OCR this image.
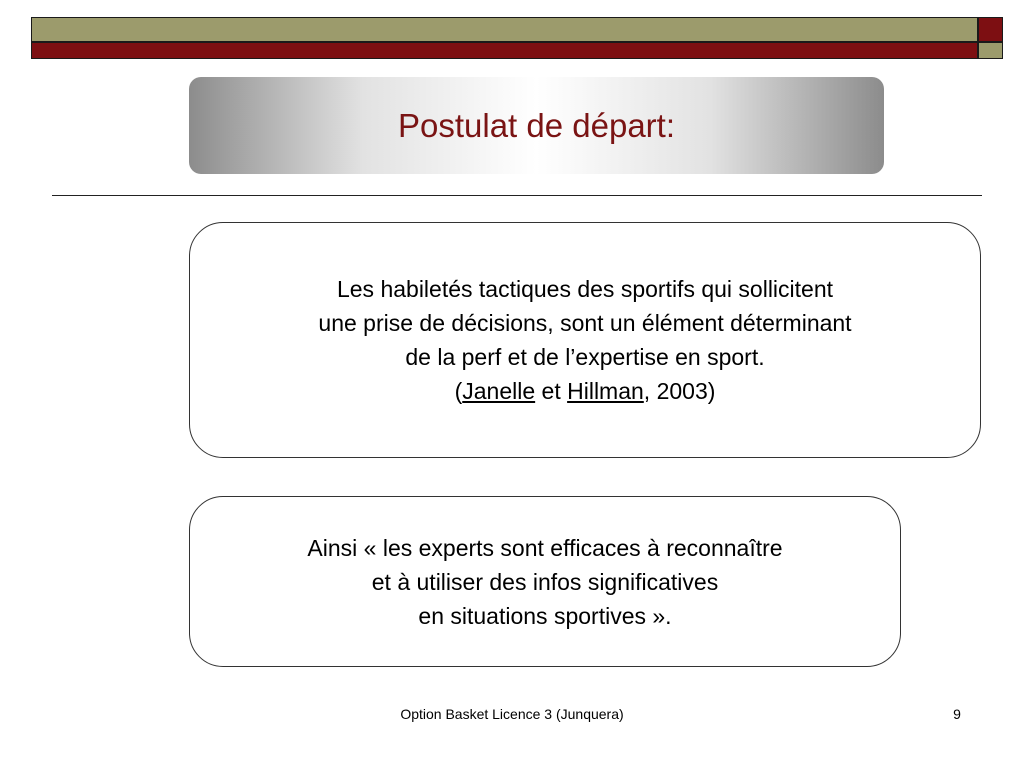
Postulat de départ:
Les habiletés tactiques des sportifs qui sollicitent
une prise de décisions, sont un élément déterminant
de la perf et de l’expertise en sport.
(Janelle et Hillman, 2003)
Ainsi « les experts sont efficaces à reconnaître
et à utiliser des infos significatives
en situations sportives ».
Option Basket Licence 3 (Junquera)	9
